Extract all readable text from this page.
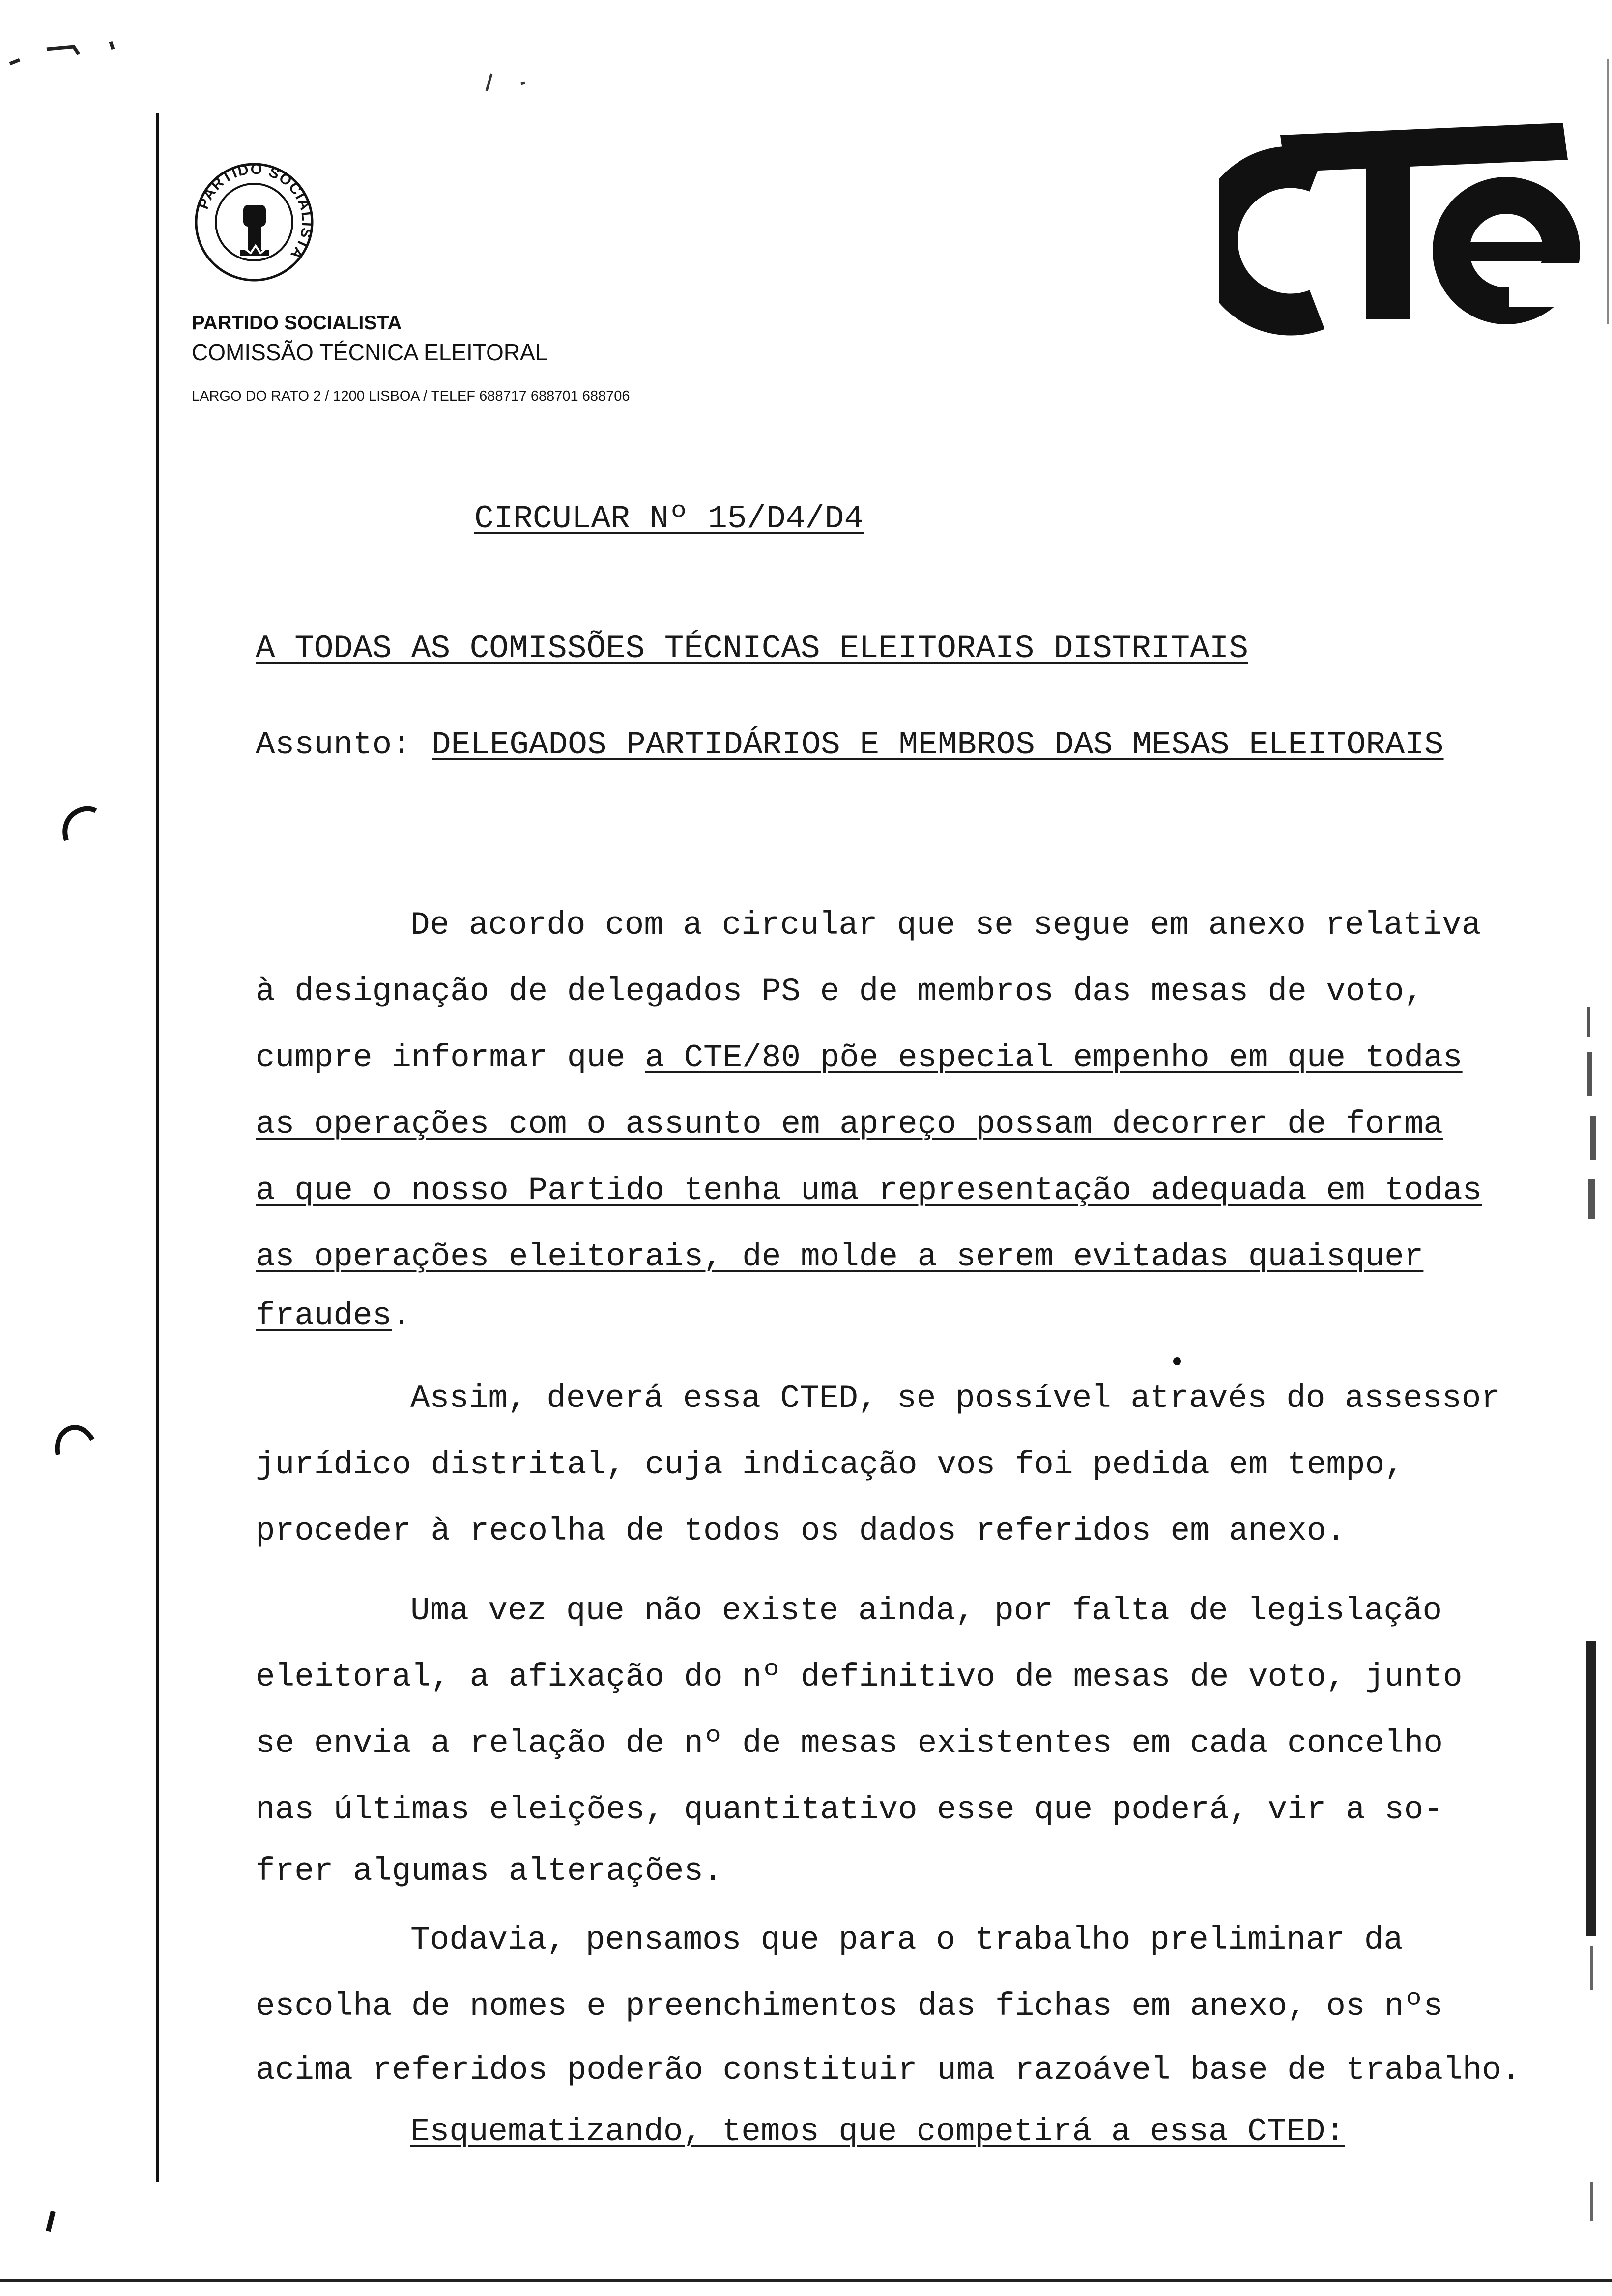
PARTIDO SOCIALISTA
PARTIDO SOCIALISTA
COMISSÃO TÉCNICA ELEITORAL
LARGO DO RATO 2 / 1200 LISBOA / TELEF 688717 688701 688706
CIRCULAR Nº 15/D4/D4
A TODAS AS COMISSÕES TÉCNICAS ELEITORAIS DISTRITAIS
Assunto: DELEGADOS PARTIDÁRIOS E MEMBROS DAS MESAS ELEITORAIS
De acordo com a circular que se segue em anexo relativa
à designação de delegados PS e de membros das mesas de voto,
cumpre informar que a CTE/80 põe especial empenho em que todas
as operações com o assunto em apreço possam decorrer de forma
a que o nosso Partido tenha uma representação adequada em todas
as operações eleitorais, de molde a serem evitadas quaisquer
fraudes.
Assim, deverá essa CTED, se possível através do assessor
jurídico distrital, cuja indicação vos foi pedida em tempo,
proceder à recolha de todos os dados referidos em anexo.
Uma vez que não existe ainda, por falta de legislação
eleitoral, a afixação do nº definitivo de mesas de voto, junto
se envia a relação de nº de mesas existentes em cada concelho
nas últimas eleições, quantitativo esse que poderá, vir a so-
frer algumas alterações.
Todavia, pensamos que para o trabalho preliminar da
escolha de nomes e preenchimentos das fichas em anexo, os nºs
acima referidos poderão constituir uma razoável base de trabalho.
Esquematizando, temos que competirá a essa CTED:
